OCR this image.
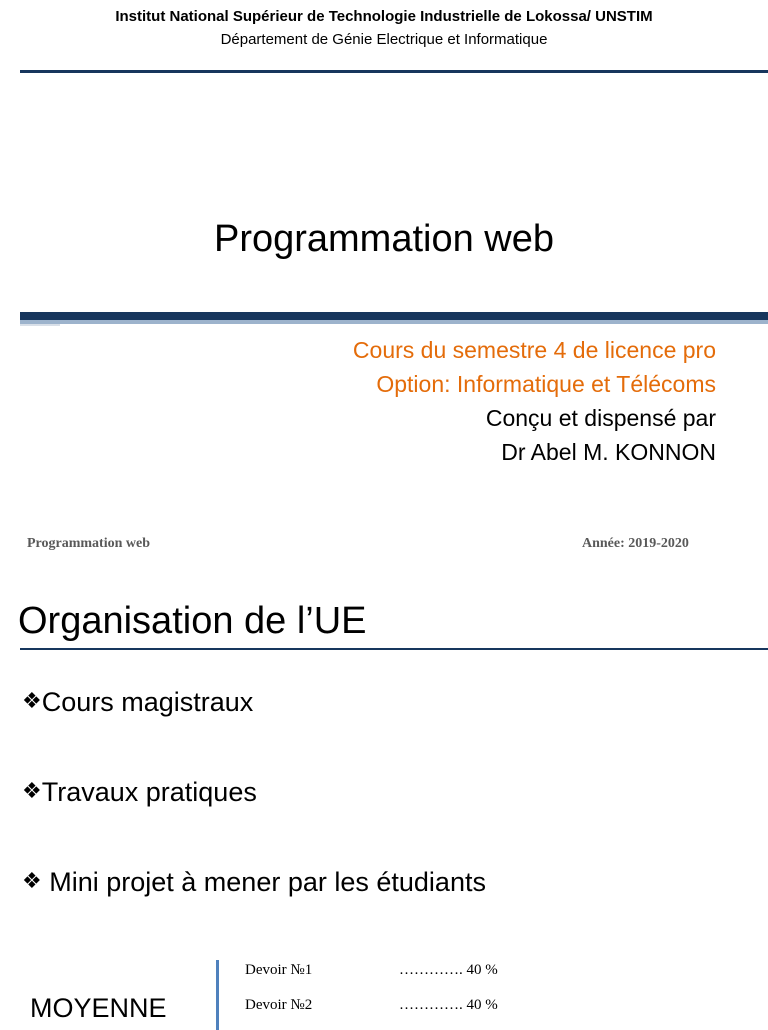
Institut National Supérieur de Technologie Industrielle de Lokossa/ UNSTIM
Département de Génie Electrique et Informatique
Programmation web
Cours du semestre 4 de licence pro
Option: Informatique et Télécoms
Conçu et dispensé par
Dr Abel M. KONNON
Programmation web	Année: 2019-2020
Organisation de l’UE
❖Cours magistraux
❖Travaux pratiques
❖ Mini projet à mener par les étudiants
MOYENNE
Devoir №1	…………. 40 %
Devoir №2	…………. 40 %
